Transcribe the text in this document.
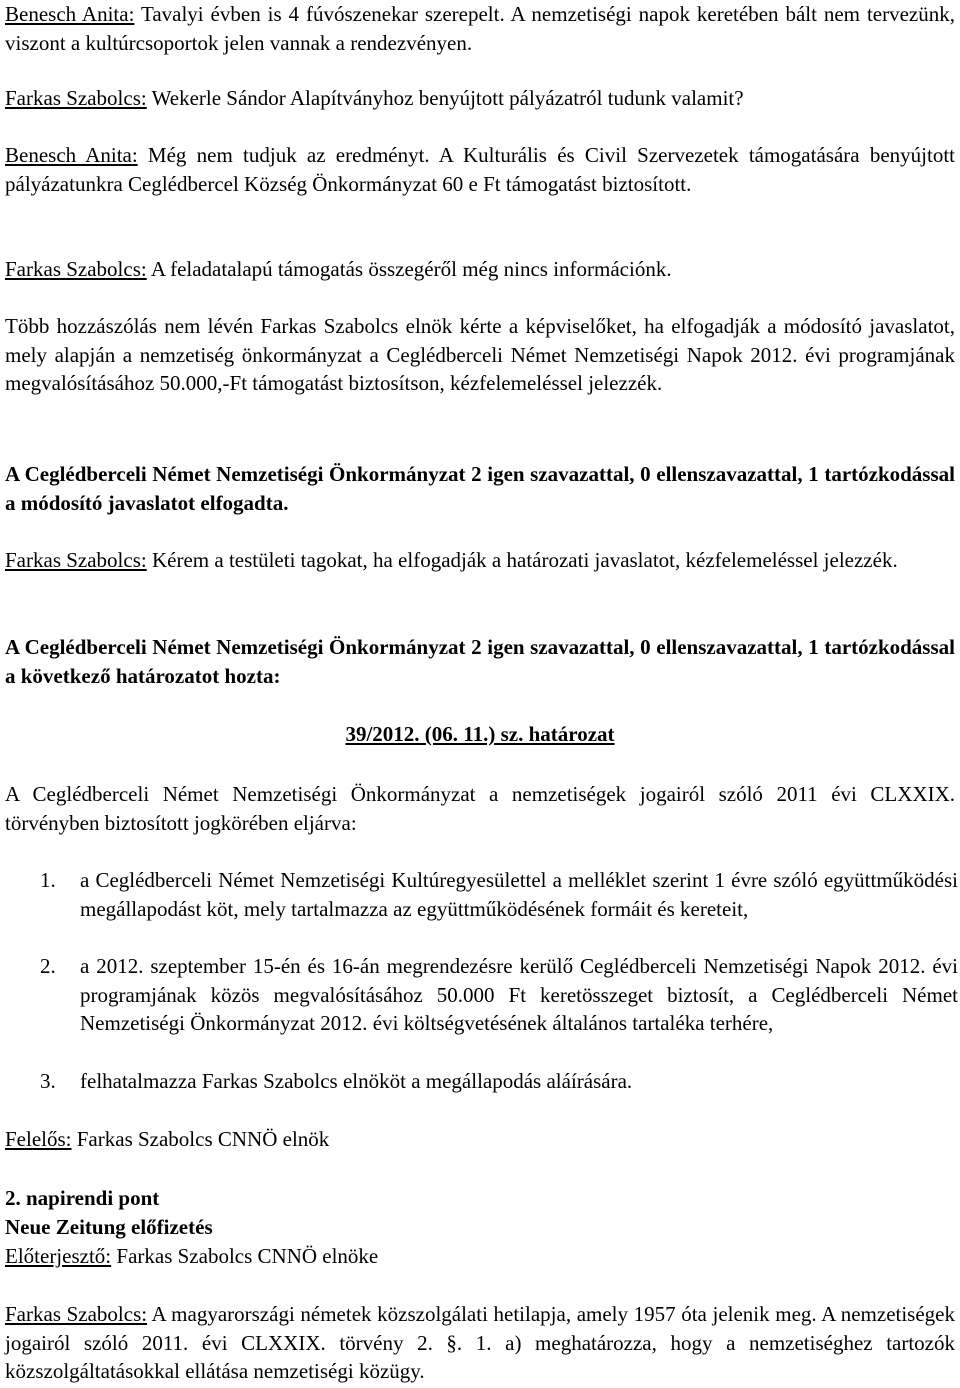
Benesch Anita: Tavalyi évben is 4 fúvószenekar szerepelt. A nemzetiségi napok keretében bált nem tervezünk, viszont a kultúrcsoportok jelen vannak a rendezvényen.

Farkas Szabolcs: Wekerle Sándor Alapítványhoz benyújtott pályázatról tudunk valamit?

Benesch Anita: Még nem tudjuk az eredményt. A Kulturális és Civil Szervezetek támogatására benyújtott pályázatunkra Ceglédbercel Község Önkormányzat 60 e Ft támogatást biztosított.

Farkas Szabolcs: A feladatalapú támogatás összegéről még nincs információnk.

Több hozzászólás nem lévén Farkas Szabolcs elnök kérte a képviselőket, ha elfogadják a módosító javaslatot, mely alapján a nemzetiség önkormányzat a Ceglédberceli Német Nemzetiségi Napok 2012. évi programjának megvalósításához 50.000,-Ft támogatást biztosítson, kézfelemeléssel jelezzék.

A Ceglédberceli Német Nemzetiségi Önkormányzat 2 igen szavazattal, 0 ellenszavazattal, 1 tartózkodással a módosító javaslatot elfogadta.

Farkas Szabolcs: Kérem a testületi tagokat, ha elfogadják a határozati javaslatot, kézfelemeléssel jelezzék.

A Ceglédberceli Német Nemzetiségi Önkormányzat 2 igen szavazattal, 0 ellenszavazattal, 1 tartózkodással a következő határozatot hozta:

39/2012. (06. 11.) sz. határozat

A Ceglédberceli Német Nemzetiségi Önkormányzat a nemzetiségek jogairól szóló 2011 évi CLXXIX. törvényben biztosított jogkörében eljárva:

1. a Ceglédberceli Német Nemzetiségi Kultúregyesülettel a melléklet szerint 1 évre szóló együttműködési megállapodást köt, mely tartalmazza az együttműködésének formáit és kereteit,
2. a 2012. szeptember 15-én és 16-án megrendezésre kerülő Ceglédberceli Nemzetiségi Napok 2012. évi programjának közös megvalósításához 50.000 Ft keretösszeget biztosít, a Ceglédberceli Német Nemzetiségi Önkormányzat 2012. évi költségvetésének általános tartaléka terhére,
3. felhatalmazza Farkas Szabolcs elnököt a megállapodás aláírására.

Felelős: Farkas Szabolcs CNNÖ elnök

2. napirendi pont

Neue Zeitung előfizetés

Előterjesztő: Farkas Szabolcs CNNÖ elnöke

Farkas Szabolcs: A magyarországi németek közszolgálati hetilapja, amely 1957 óta jelenik meg. A nemzetiségek jogairól szóló 2011. évi CLXXIX. törvény 2. §. 1. a) meghatározza, hogy a nemzetiséghez tartozók közszolgáltatásokkal ellátása nemzetiségi közügy.
